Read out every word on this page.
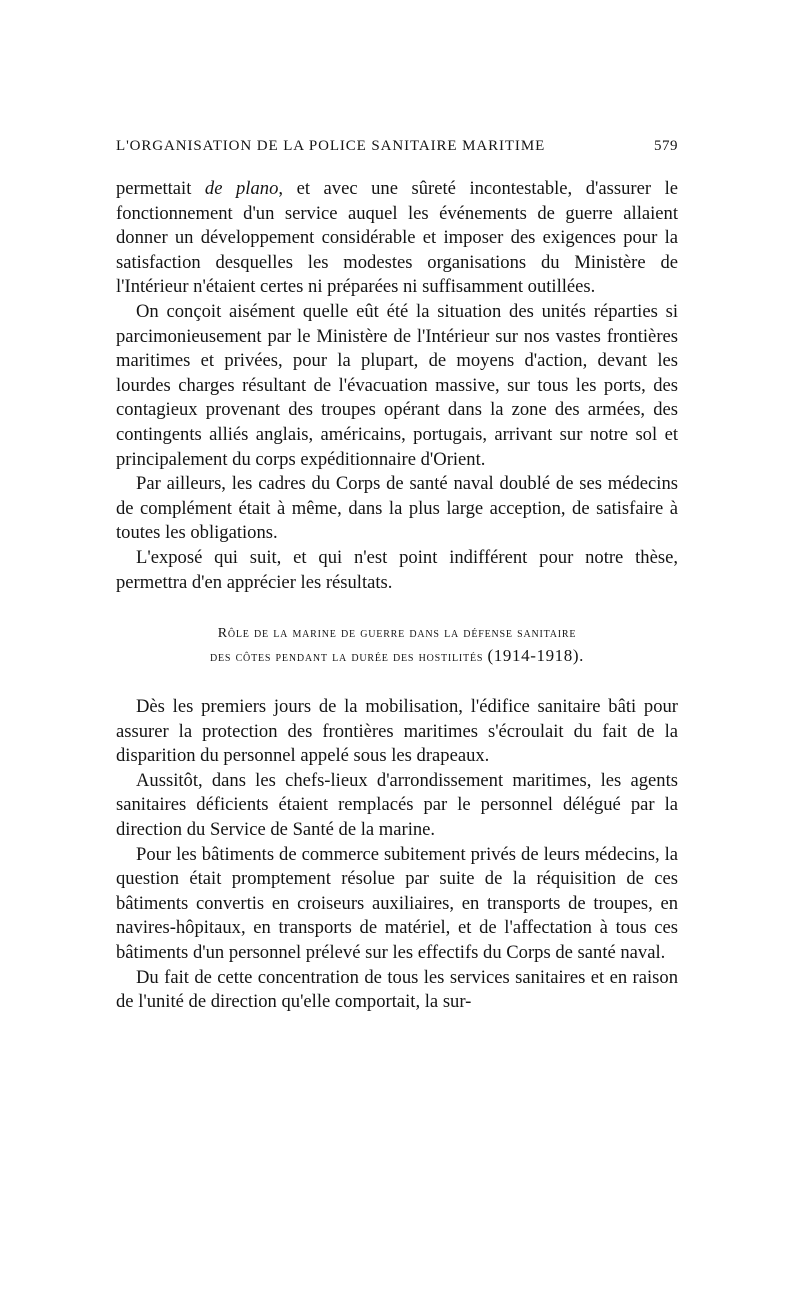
L'ORGANISATION DE LA POLICE SANITAIRE MARITIME	579

permettait de plano, et avec une sûreté incontestable, d'assurer le fonctionnement d'un service auquel les événements de guerre allaient donner un développement considérable et imposer des exigences pour la satisfaction desquelles les modestes organisations du Ministère de l'Intérieur n'étaient certes ni préparées ni suffisamment outillées.

On conçoit aisément quelle eût été la situation des unités réparties si parcimonieusement par le Ministère de l'Intérieur sur nos vastes frontières maritimes et privées, pour la plupart, de moyens d'action, devant les lourdes charges résultant de l'évacuation massive, sur tous les ports, des contagieux provenant des troupes opérant dans la zone des armées, des contingents alliés anglais, américains, portugais, arrivant sur notre sol et principalement du corps expéditionnaire d'Orient.

Par ailleurs, les cadres du Corps de santé naval doublé de ses médecins de complément était à même, dans la plus large acception, de satisfaire à toutes les obligations.

L'exposé qui suit, et qui n'est point indifférent pour notre thèse, permettra d'en apprécier les résultats.

Rôle de la marine de guerre dans la défense sanitaire
des côtes pendant la durée des hostilités (1914-1918).

Dès les premiers jours de la mobilisation, l'édifice sanitaire bâti pour assurer la protection des frontières maritimes s'écroulait du fait de la disparition du personnel appelé sous les drapeaux.

Aussitôt, dans les chefs-lieux d'arrondissement maritimes, les agents sanitaires déficients étaient remplacés par le personnel délégué par la direction du Service de Santé de la marine.

Pour les bâtiments de commerce subitement privés de leurs médecins, la question était promptement résolue par suite de la réquisition de ces bâtiments convertis en croiseurs auxiliaires, en transports de troupes, en navires-hôpitaux, en transports de matériel, et de l'affectation à tous ces bâtiments d'un personnel prélevé sur les effectifs du Corps de santé naval.

Du fait de cette concentration de tous les services sanitaires et en raison de l'unité de direction qu'elle comportait, la sur-
